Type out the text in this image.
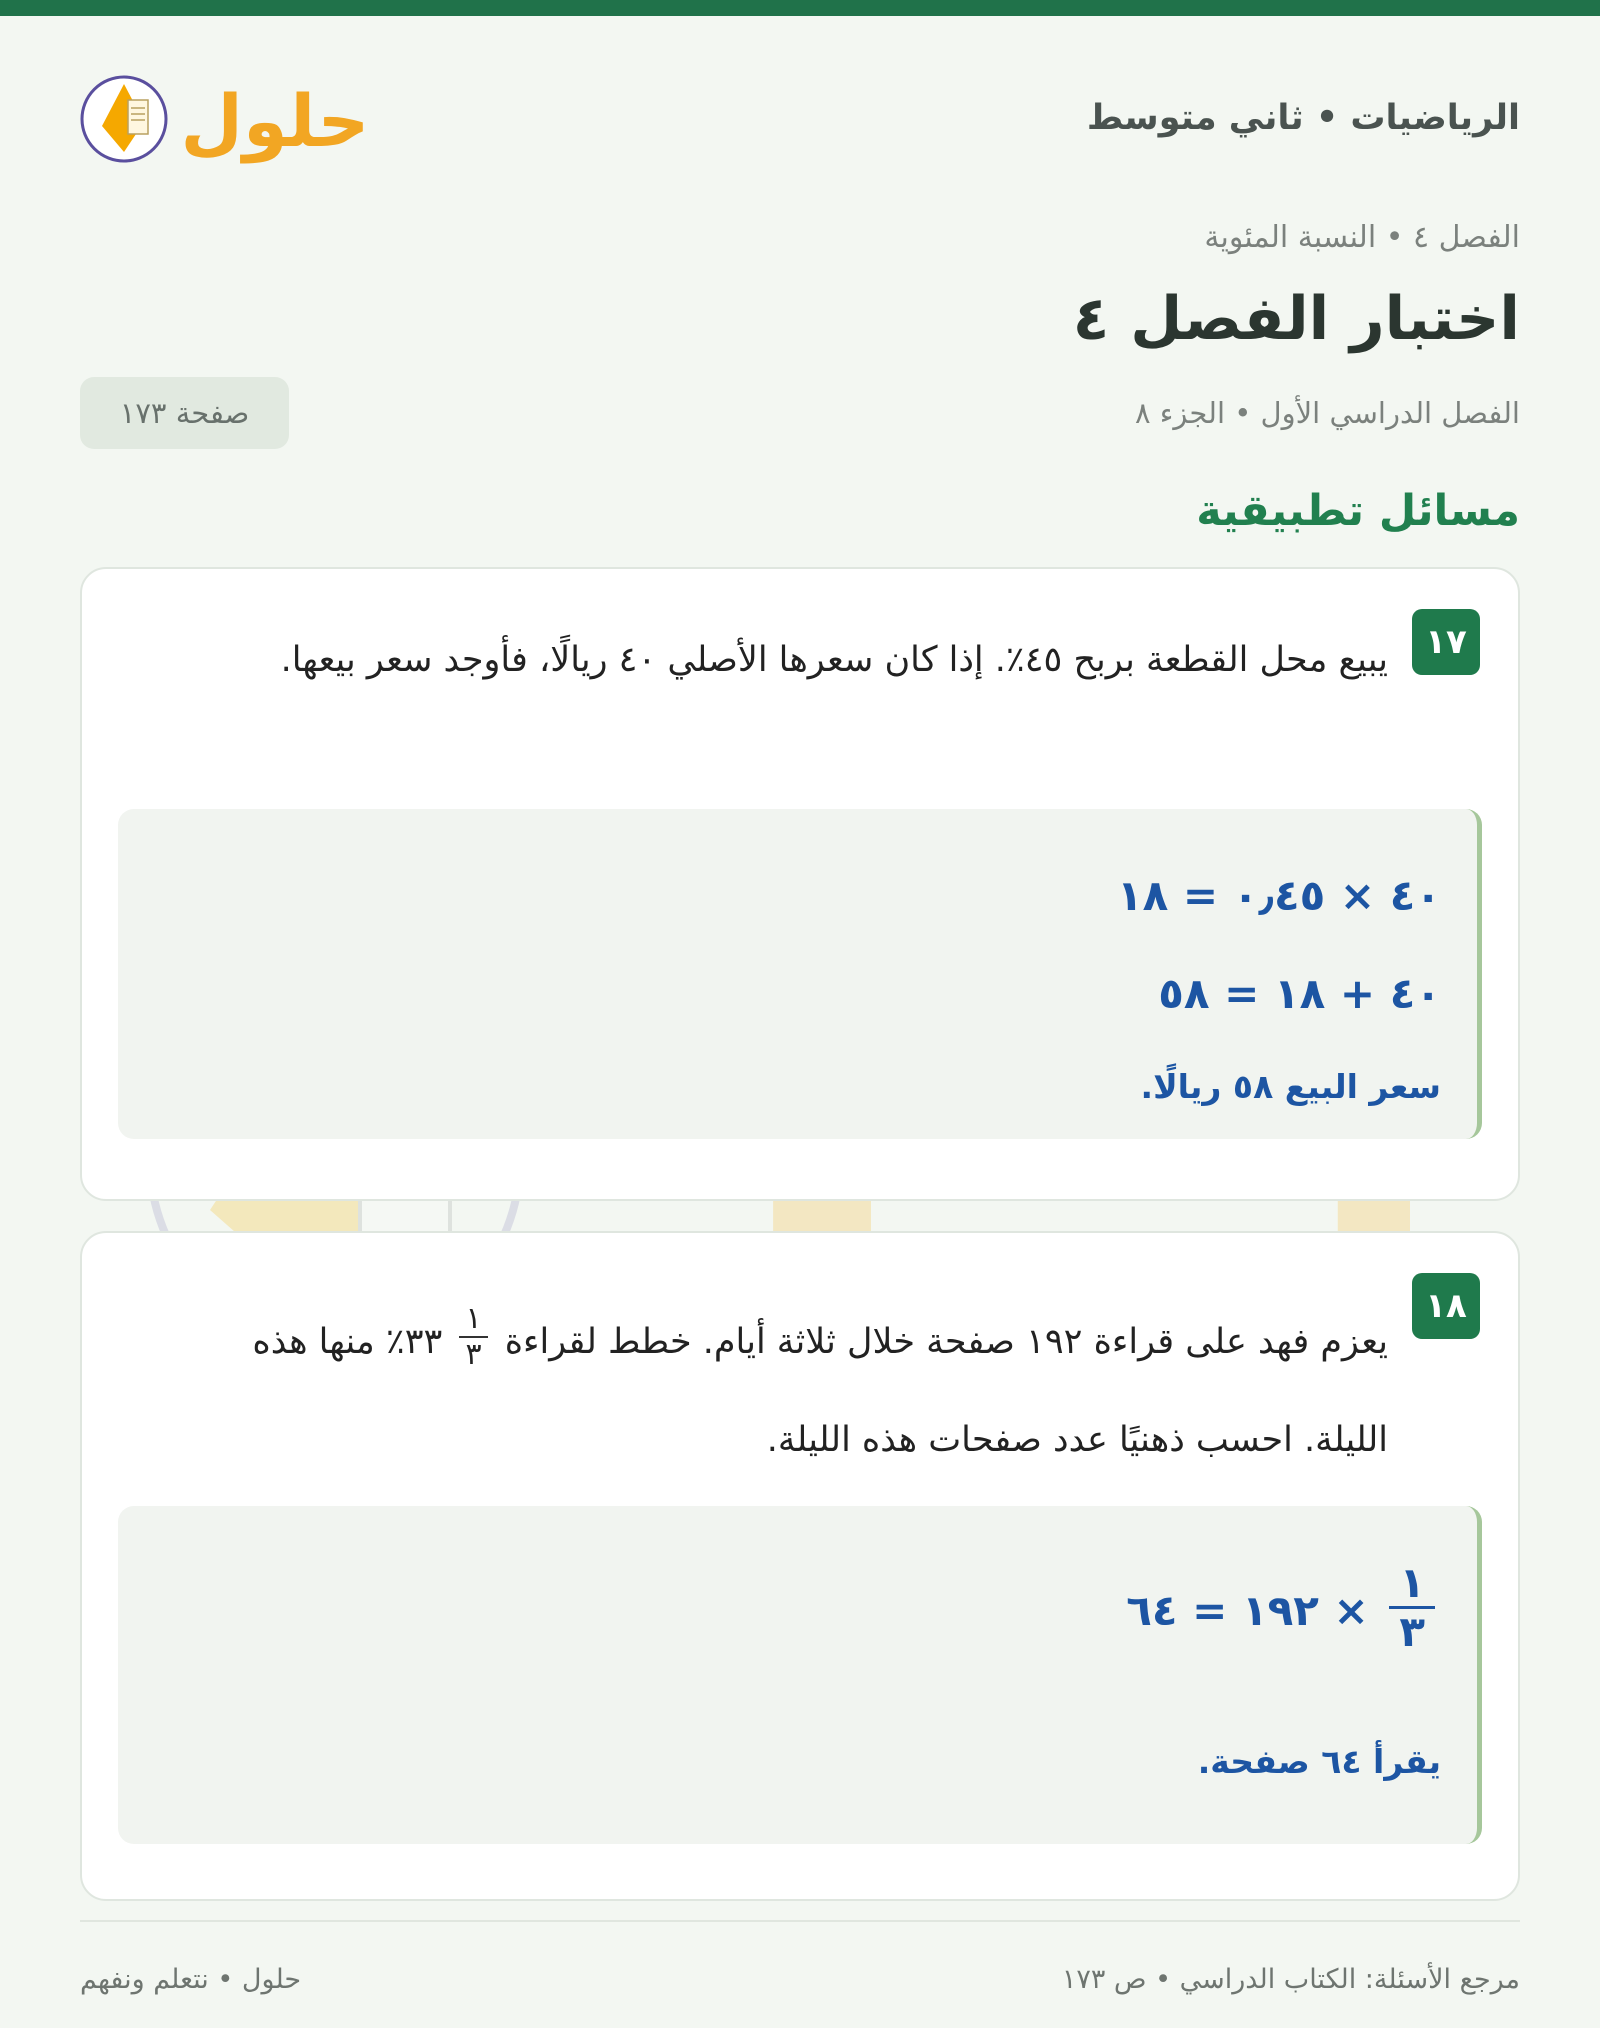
الرياضيات • ثاني متوسط
حلول
الفصل ٤ • النسبة المئوية
اختبار الفصل ٤
الفصل الدراسي الأول • الجزء ٨
صفحة ١٧٣
مسائل تطبيقية
١٧
يبيع محل القطعة بربح ٤٥٪. إذا كان سعرها الأصلي ٤٠ ريالًا، فأوجد سعر بيعها.
٤٠ × ٠٫٤٥ = ١٨
٤٠ + ١٨ = ٥٨
سعر البيع ٥٨ ريالًا.
١٨
يعزم فهد على قراءة ١٩٢ صفحة خلال ثلاثة أيام. خطط لقراءة
$\frac{١}{٣}$
٣٣٪ منها هذه الليلة. احسب ذهنيًا عدد صفحات هذه الليلة.
$\frac{١}{٣}$
× ١٩٢ = ٦٤
يقرأ ٦٤ صفحة.
مرجع الأسئلة: الكتاب الدراسي • ص ١٧٣
حلول • نتعلم ونفهم
